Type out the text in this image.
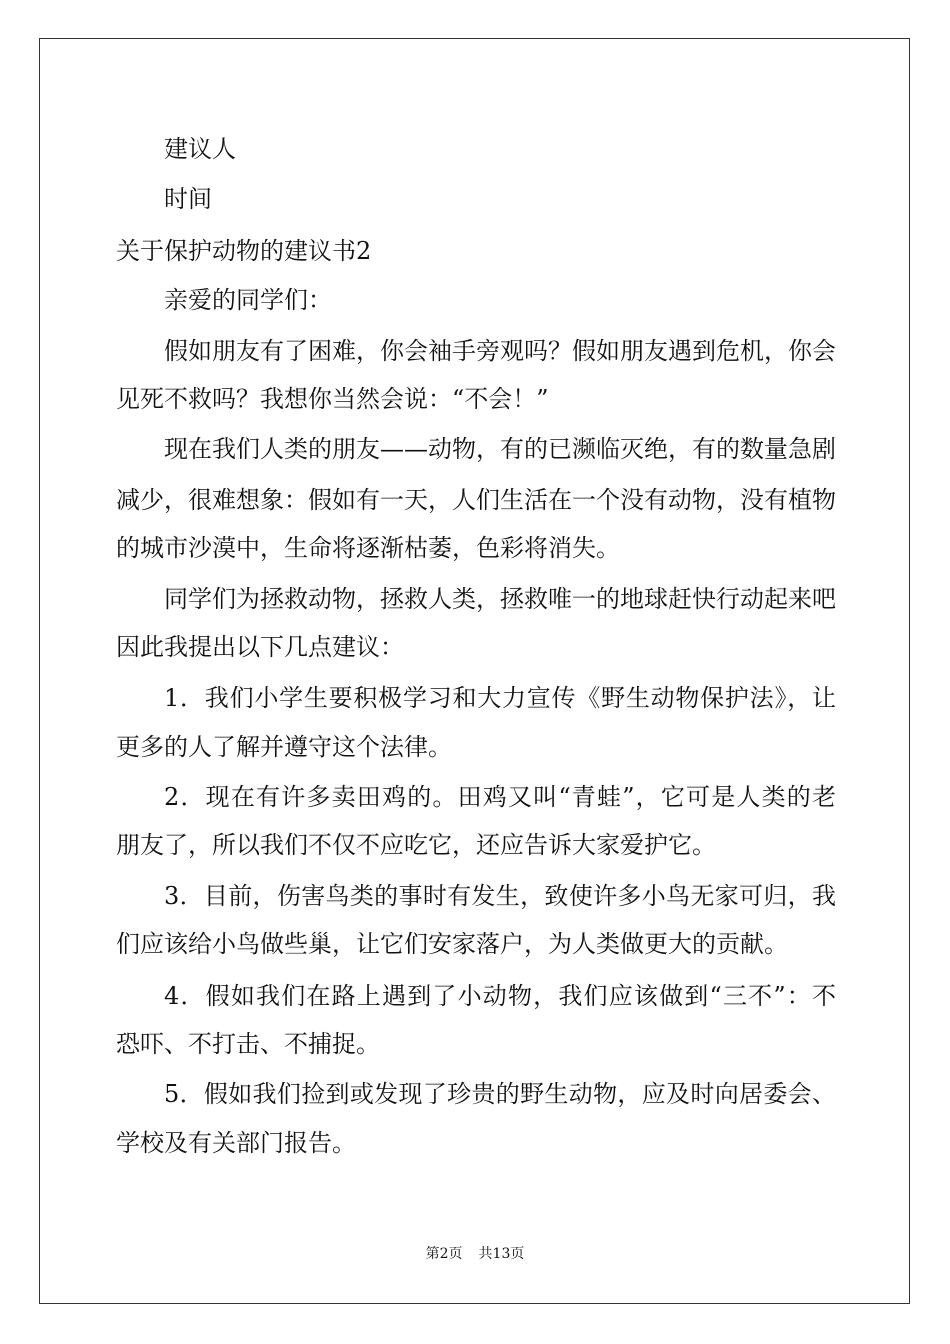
建议人
时间
关于保护动物的建议书2
亲爱的同学们：
假如朋友有了困难，你会袖手旁观吗？假如朋友遇到危机，你会
见死不救吗？我想你当然会说：“不会！”
现在我们人类的朋友——动物，有的已濒临灭绝，有的数量急剧
减少，很难想象：假如有一天，人们生活在一个没有动物，没有植物
的城市沙漠中，生命将逐渐枯萎，色彩将消失。
同学们为拯救动物，拯救人类，拯救唯一的地球赶快行动起来吧
因此我提出以下几点建议：
1．我们小学生要积极学习和大力宣传《野生动物保护法》，让
更多的人了解并遵守这个法律。
2．现在有许多卖田鸡的。田鸡又叫“青蛙”，它可是人类的老
朋友了，所以我们不仅不应吃它，还应告诉大家爱护它。
3．目前，伤害鸟类的事时有发生，致使许多小鸟无家可归，我
们应该给小鸟做些巢，让它们安家落户，为人类做更大的贡献。
4．假如我们在路上遇到了小动物，我们应该做到“三不”：不
恐吓、不打击、不捕捉。
5．假如我们捡到或发现了珍贵的野生动物，应及时向居委会、
学校及有关部门报告。
第2页 共13页
